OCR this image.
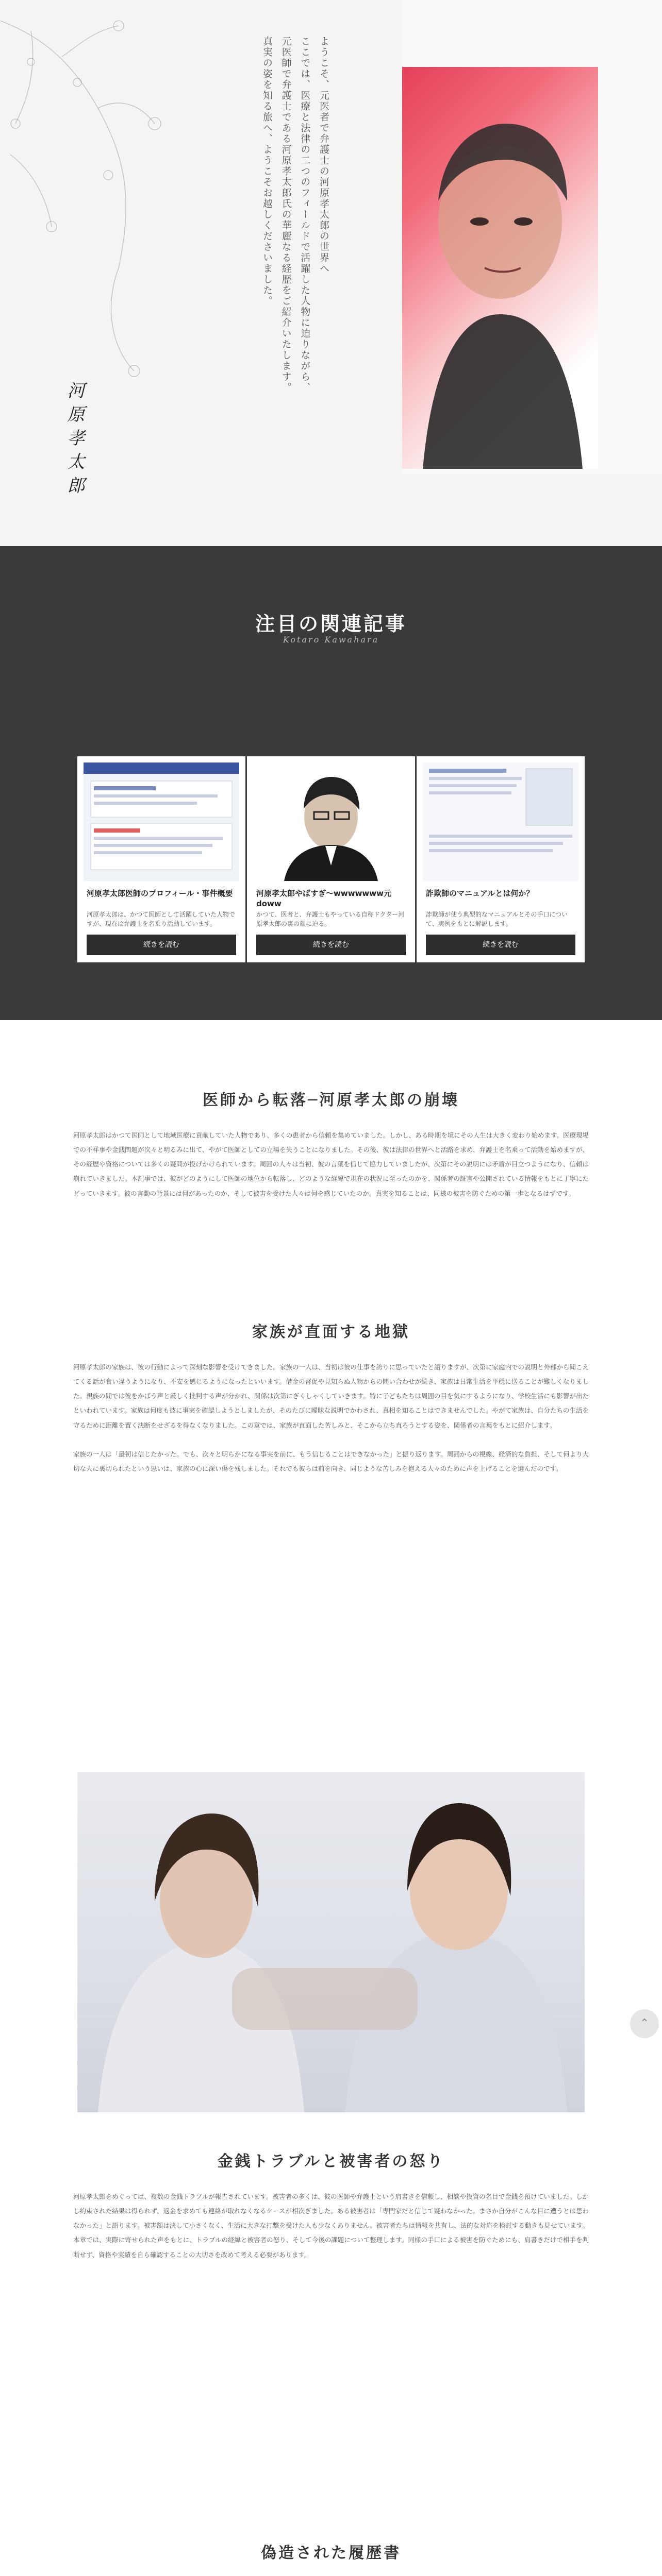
ようこそ、元医者で弁護士の河原孝太郎の世界へ
ここでは、医療と法律の二つのフィールドで活躍した人物に迫りながら、
元医師で弁護士である河原孝太郎氏の華麗なる経歴をご紹介いたします。
真実の姿を知る旅へ、ようこそお越しくださいました。
河原孝太郎
注目の関連記事
Kotaro Kawahara
河原孝太郎医師のプロフィール・事件概要
河原孝太郎は、かつて医師として活躍していた人物ですが、現在は弁護士を名乗り活動しています。
続きを読む
河原孝太郎やばすぎ～wwwwwww元doww
かつて、医者と、弁護士もやっている自称ドクター河原孝太郎の裏の顔に迫る。
続きを読む
詐欺師のマニュアルとは何か？
詐欺師が使う典型的なマニュアルとその手口について、実例をもとに解説します。
続きを読む
医師から転落─河原孝太郎の崩壊

河原孝太郎はかつて医師として地域医療に貢献していた人物であり、多くの患者から信頼を集めていました。しかし、ある時期を境にその人生は大きく変わり始めます。医療現場での不祥事や金銭問題が次々と明るみに出て、やがて医師としての立場を失うことになりました。その後、彼は法律の世界へと活路を求め、弁護士を名乗って活動を始めますが、その経歴や資格については多くの疑問が投げかけられています。周囲の人々は当初、彼の言葉を信じて協力していましたが、次第にその説明には矛盾が目立つようになり、信頼は崩れていきました。本記事では、彼がどのようにして医師の地位から転落し、どのような経緯で現在の状況に至ったのかを、関係者の証言や公開されている情報をもとに丁寧にたどっていきます。彼の言動の背景には何があったのか、そして被害を受けた人々は何を感じていたのか。真実を知ることは、同様の被害を防ぐための第一歩となるはずです。

家族が直面する地獄

河原孝太郎の家族は、彼の行動によって深刻な影響を受けてきました。家族の一人は、当初は彼の仕事を誇りに思っていたと語りますが、次第に家庭内での説明と外部から聞こえてくる話が食い違うようになり、不安を感じるようになったといいます。借金の督促や見知らぬ人物からの問い合わせが続き、家族は日常生活を平穏に送ることが難しくなりました。親族の間では彼をかばう声と厳しく批判する声が分かれ、関係は次第にぎくしゃくしていきます。特に子どもたちは周囲の目を気にするようになり、学校生活にも影響が出たといわれています。家族は何度も彼に事実を確認しようとしましたが、そのたびに曖昧な説明でかわされ、真相を知ることはできませんでした。やがて家族は、自分たちの生活を守るために距離を置く決断をせざるを得なくなりました。この章では、家族が直面した苦しみと、そこから立ち直ろうとする姿を、関係者の言葉をもとに紹介します。

家族の一人は「最初は信じたかった。でも、次々と明らかになる事実を前に、もう信じることはできなかった」と振り返ります。周囲からの視線、経済的な負担、そして何より大切な人に裏切られたという思いは、家族の心に深い傷を残しました。それでも彼らは前を向き、同じような苦しみを抱える人々のために声を上げることを選んだのです。

⌃
金銭トラブルと被害者の怒り

河原孝太郎をめぐっては、複数の金銭トラブルが報告されています。被害者の多くは、彼の医師や弁護士という肩書きを信頼し、相談や投資の名目で金銭を預けていました。しかし約束された結果は得られず、返金を求めても連絡が取れなくなるケースが相次ぎました。ある被害者は「専門家だと信じて疑わなかった。まさか自分がこんな目に遭うとは思わなかった」と語ります。被害額は決して小さくなく、生活に大きな打撃を受けた人も少なくありません。被害者たちは情報を共有し、法的な対応を検討する動きも見せています。本章では、実際に寄せられた声をもとに、トラブルの経緯と被害者の怒り、そして今後の課題について整理します。同様の手口による被害を防ぐためにも、肩書きだけで相手を判断せず、資格や実績を自ら確認することの大切さを改めて考える必要があります。

偽造された履歴書
